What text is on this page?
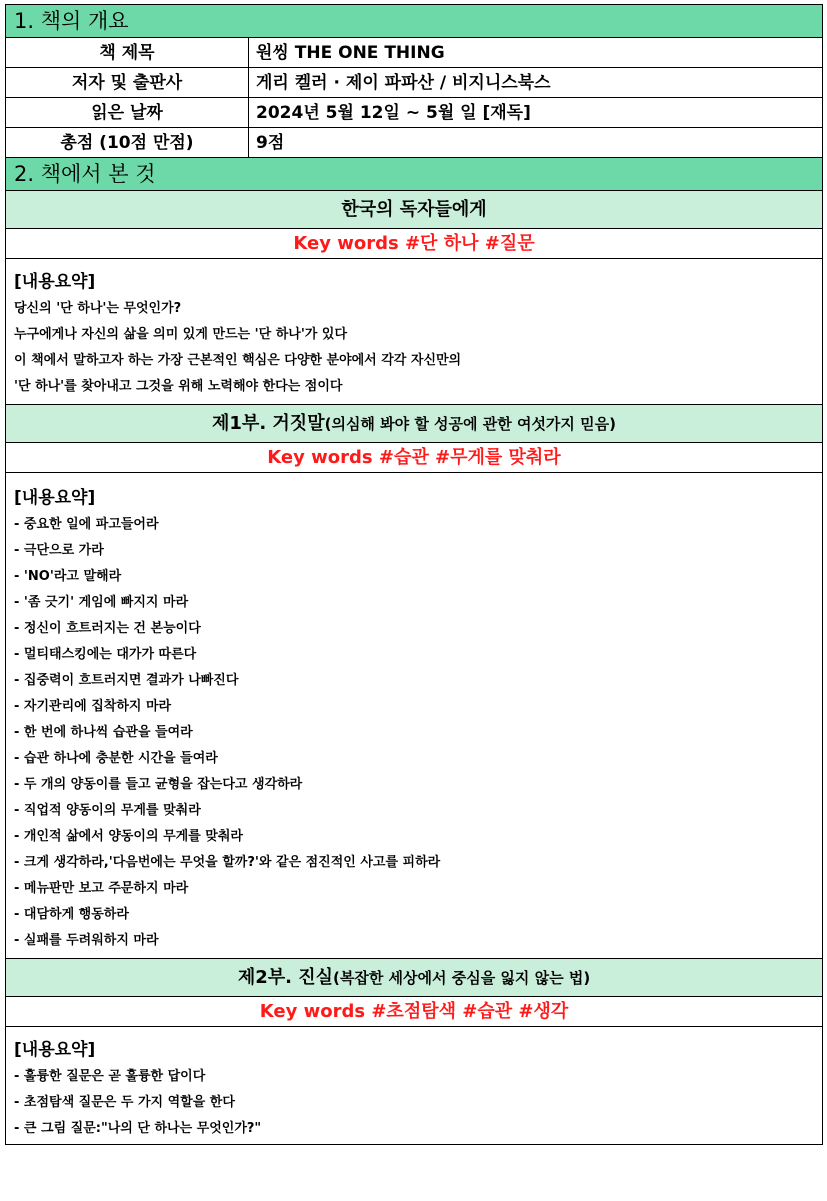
1. 책의 개요
책 제목	원씽 THE ONE THING
저자 및 출판사	게리 켈러 · 제이 파파산 / 비지니스북스
읽은 날짜	2024년 5월 12일 ~ 5월 일 [재독]
총점 (10점 만점)	9점
2. 책에서 본 것
한국의 독자들에게
Key words #단 하나 #질문
[내용요약]
당신의 '단 하나'는 무엇인가?
누구에게나 자신의 삶을 의미 있게 만드는 '단 하나'가 있다
이 책에서 말하고자 하는 가장 근본적인 핵심은 다양한 분야에서 각각 자신만의
'단 하나'를 찾아내고 그것을 위해 노력해야 한다는 점이다
제1부. 거짓말(의심해 봐야 할 성공에 관한 여섯가지 믿음)
Key words #습관 #무게를 맞춰라
[내용요약]
- 중요한 일에 파고들어라
- 극단으로 가라
- 'NO'라고 말해라
- '좀 긋기' 게임에 빠지지 마라
- 정신이 흐트러지는 건 본능이다
- 멀티태스킹에는 대가가 따른다
- 집중력이 흐트러지면 결과가 나빠진다
- 자기관리에 집착하지 마라
- 한 번에 하나씩 습관을 들여라
- 습관 하나에 충분한 시간을 들여라
- 두 개의 양동이를 들고 균형을 잡는다고 생각하라
- 직업적 양동이의 무게를 맞춰라
- 개인적 삶에서 양동이의 무게를 맞춰라
- 크게 생각하라,'다음번에는 무엇을 할까?'와 같은 점진적인 사고를 피하라
- 메뉴판만 보고 주문하지 마라
- 대담하게 행동하라
- 실패를 두려워하지 마라
제2부. 진실(복잡한 세상에서 중심을 잃지 않는 법)
Key words #초점탐색 #습관 #생각
[내용요약]
- 훌륭한 질문은 곧 훌륭한 답이다
- 초점탐색 질문은 두 가지 역할을 한다
- 큰 그림 질문:"나의 단 하나는 무엇인가?"
